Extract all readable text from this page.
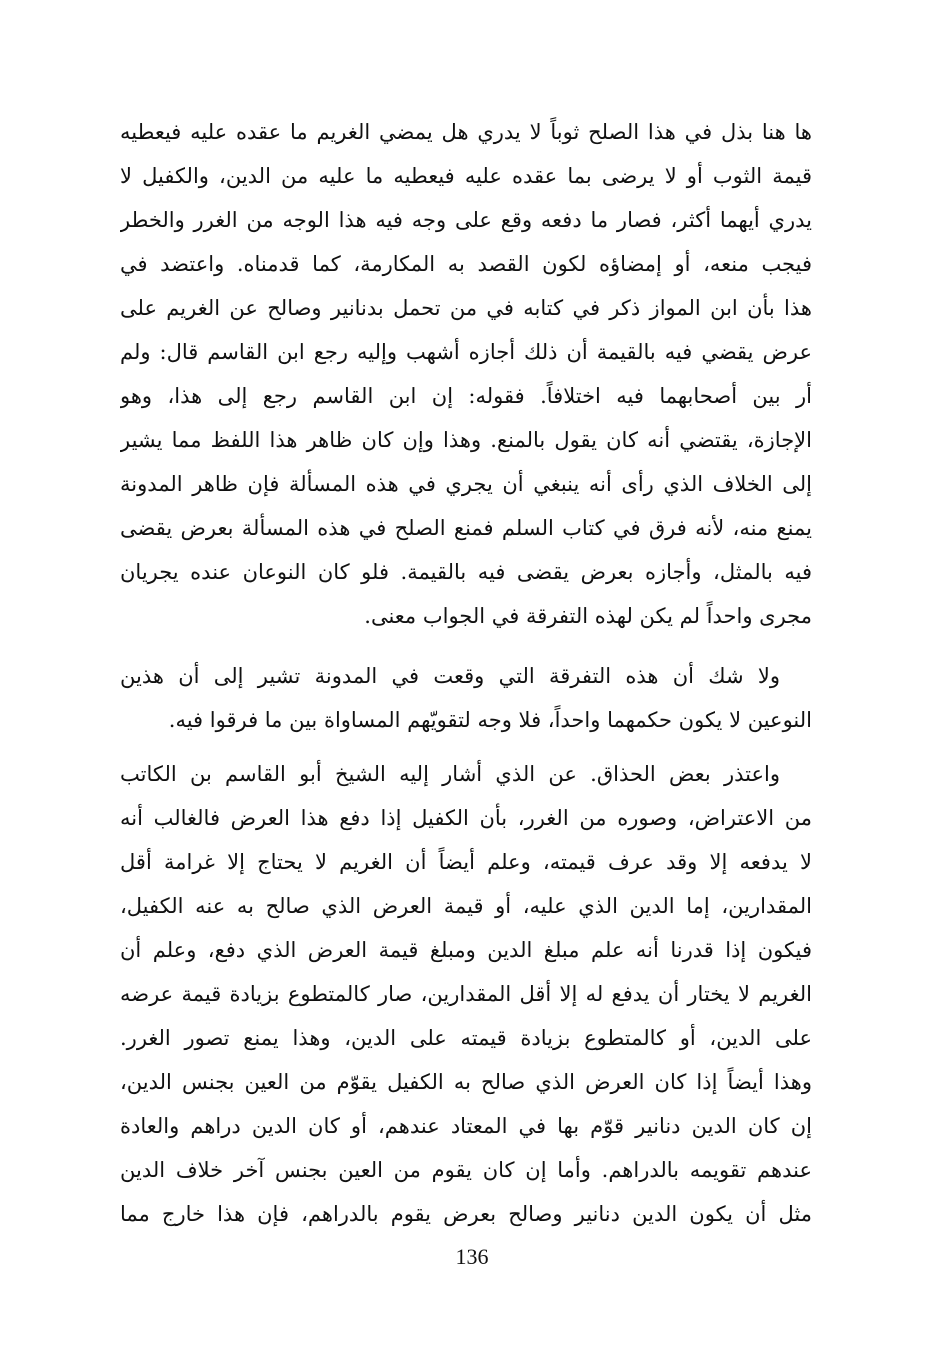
ها هنا بذل في هذا الصلح ثوباً لا يدري هل يمضي الغريم ما عقده عليه فيعطيه
قيمة الثوب أو لا يرضى بما عقده عليه فيعطيه ما عليه من الدين، والكفيل لا
يدري أيهما أكثر، فصار ما دفعه وقع على وجه فيه هذا الوجه من الغرر والخطر
فيجب منعه، أو إمضاؤه لكون القصد به المكارمة، كما قدمناه. واعتضد في
هذا بأن ابن المواز ذكر في كتابه في من تحمل بدنانير وصالح عن الغريم على
عرض يقضي فيه بالقيمة أن ذلك أجازه أشهب وإليه رجع ابن القاسم قال: ولم
أر بين أصحابهما فيه اختلافاً. فقوله: إن ابن القاسم رجع إلى هذا، وهو
الإجازة، يقتضي أنه كان يقول بالمنع. وهذا وإن كان ظاهر هذا اللفظ مما يشير
إلى الخلاف الذي رأى أنه ينبغي أن يجري في هذه المسألة فإن ظاهر المدونة
يمنع منه، لأنه فرق في كتاب السلم فمنع الصلح في هذه المسألة بعرض يقضى
فيه بالمثل، وأجازه بعرض يقضى فيه بالقيمة. فلو كان النوعان عنده يجريان
مجرى واحداً لم يكن لهذه التفرقة في الجواب معنى.
ولا شك أن هذه التفرقة التي وقعت في المدونة تشير إلى أن هذين
النوعين لا يكون حكمهما واحداً، فلا وجه لتقويّهم المساواة بين ما فرقوا فيه.
واعتذر بعض الحذاق. عن الذي أشار إليه الشيخ أبو القاسم بن الكاتب
من الاعتراض، وصوره من الغرر، بأن الكفيل إذا دفع هذا العرض فالغالب أنه
لا يدفعه إلا وقد عرف قيمته، وعلم أيضاً أن الغريم لا يحتاج إلا غرامة أقل
المقدارين، إما الدين الذي عليه، أو قيمة العرض الذي صالح به عنه الكفيل،
فيكون إذا قدرنا أنه علم مبلغ الدين ومبلغ قيمة العرض الذي دفع، وعلم أن
الغريم لا يختار أن يدفع له إلا أقل المقدارين، صار كالمتطوع بزيادة قيمة عرضه
على الدين، أو كالمتطوع بزيادة قيمته على الدين، وهذا يمنع تصور الغرر.
وهذا أيضاً إذا كان العرض الذي صالح به الكفيل يقوّم من العين بجنس الدين،
إن كان الدين دنانير قوّم بها في المعتاد عندهم، أو كان الدين دراهم والعادة
عندهم تقويمه بالدراهم. وأما إن كان يقوم من العين بجنس آخر خلاف الدين
مثل أن يكون الدين دنانير وصالح بعرض يقوم بالدراهم، فإن هذا خارج مما
136
